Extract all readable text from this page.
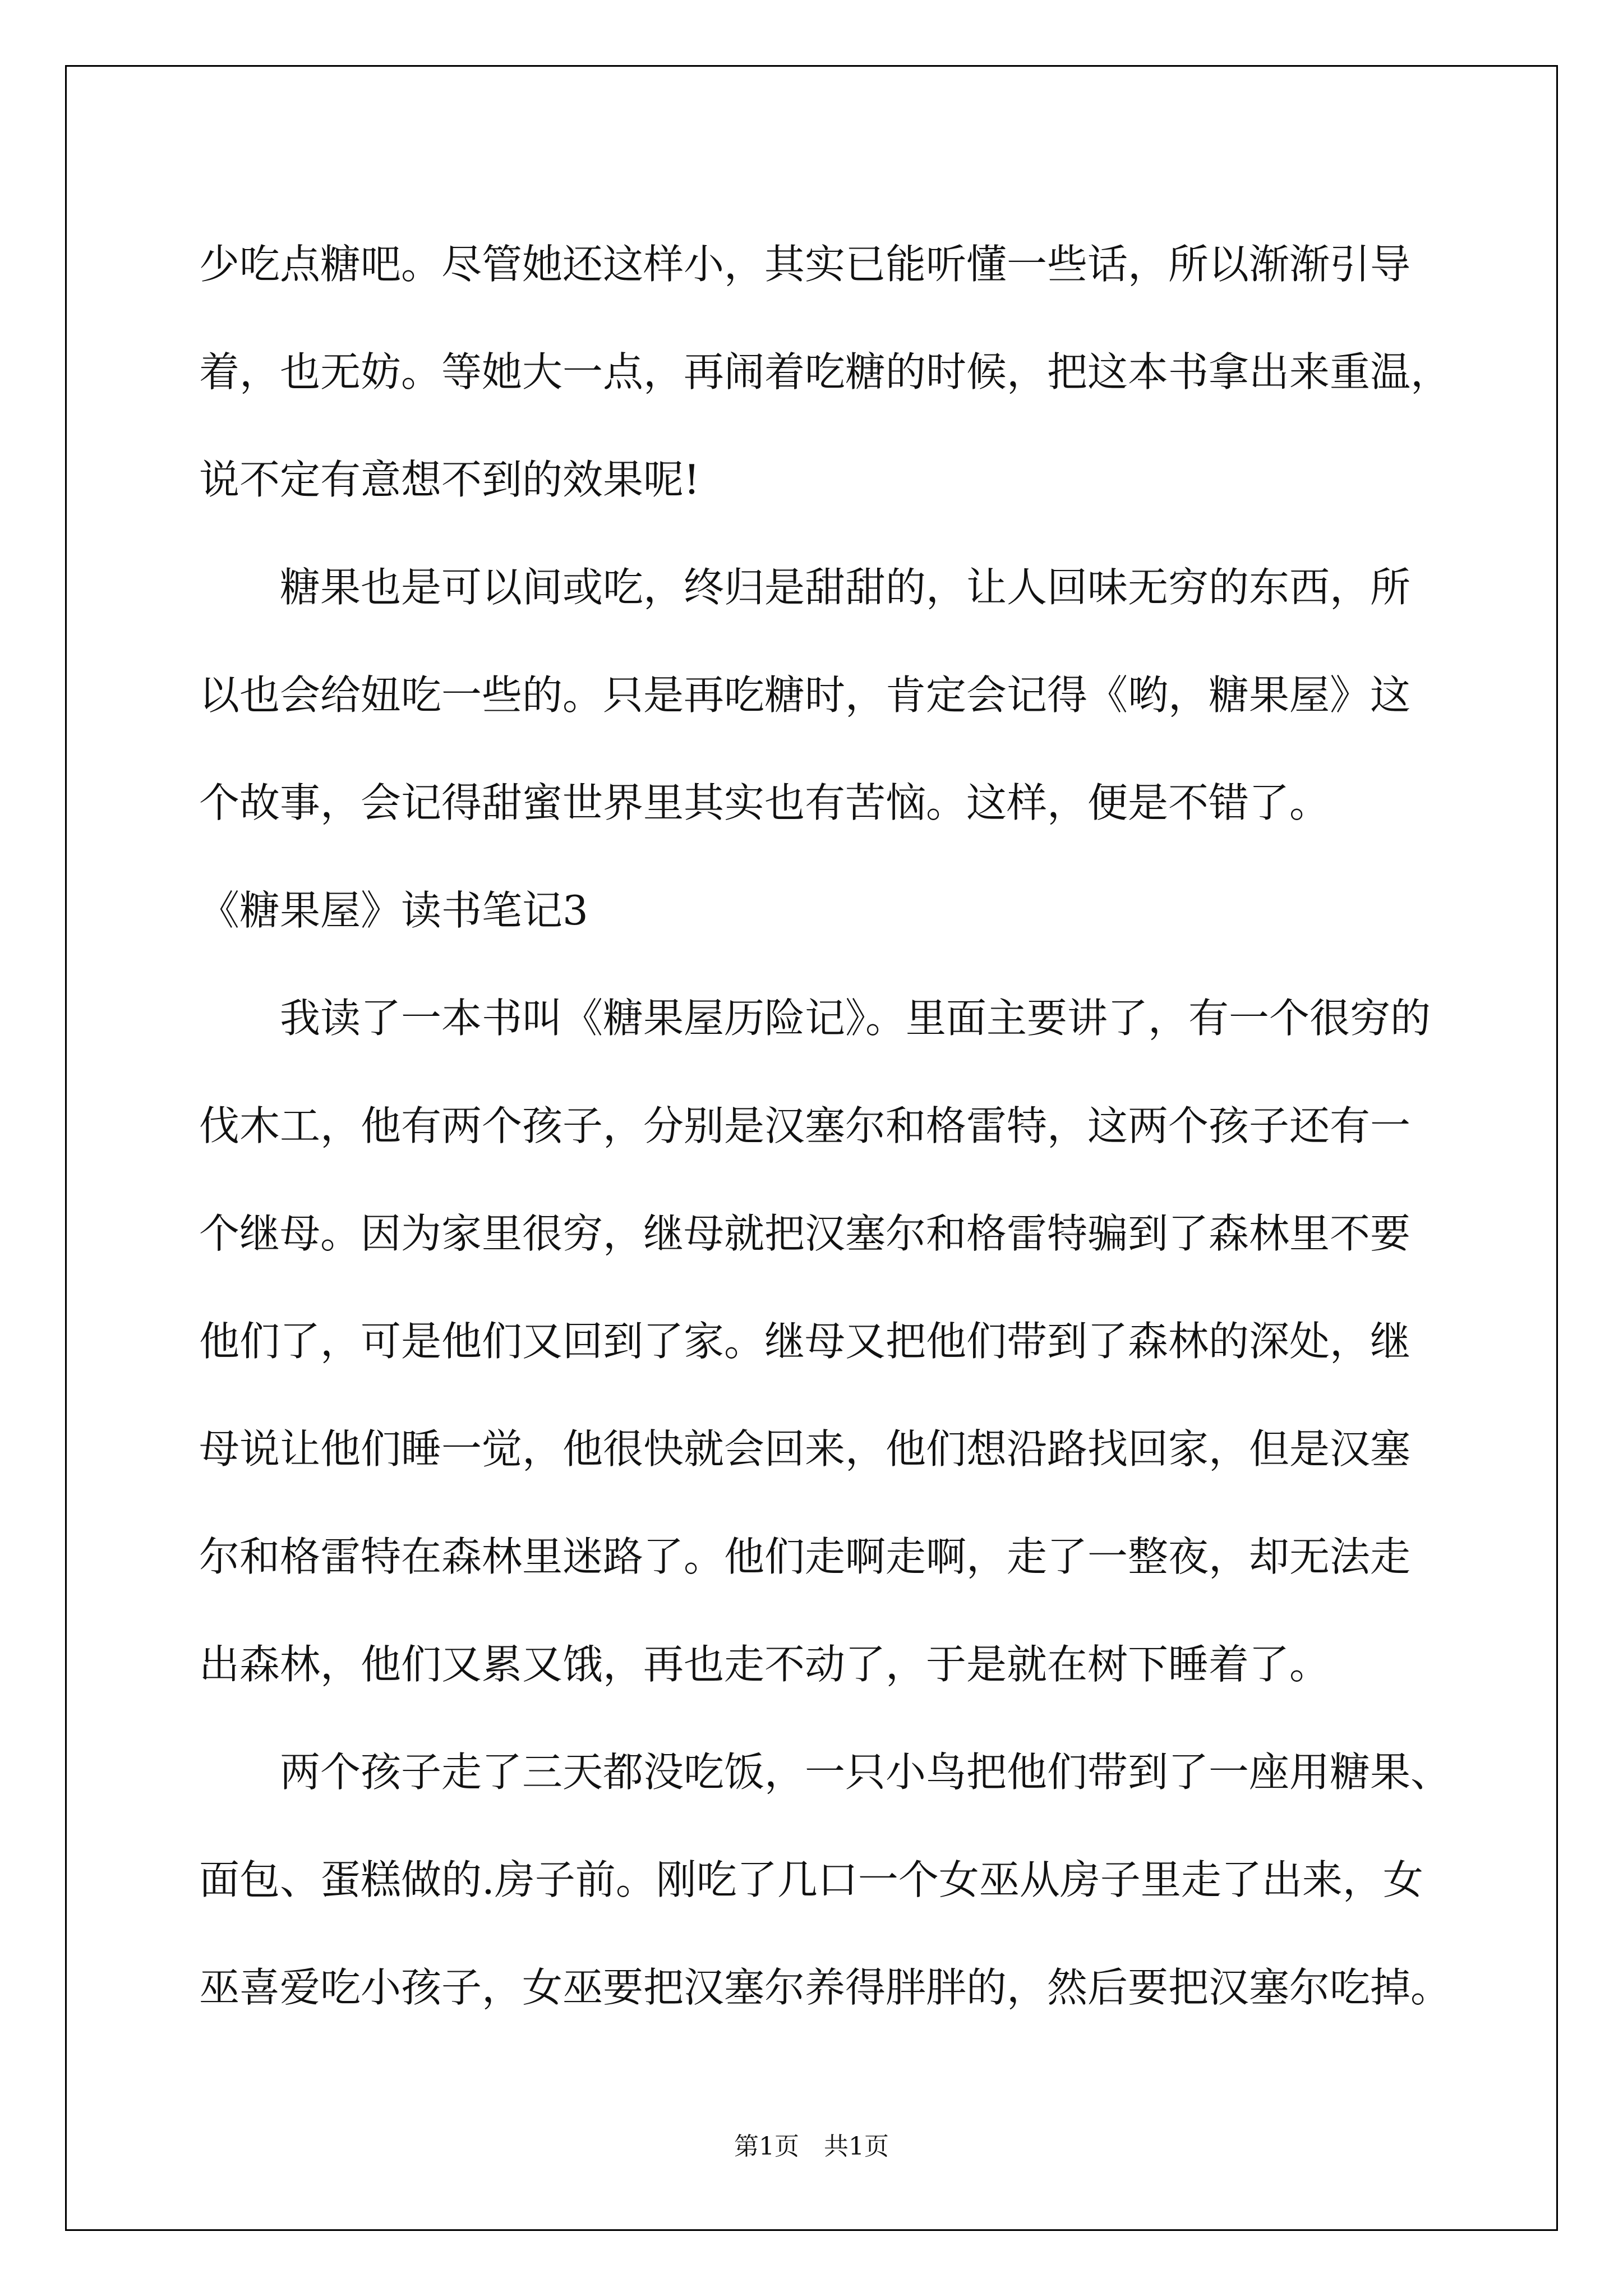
少吃点糖吧。尽管她还这样小，其实已能听懂一些话，所以渐渐引导
着，也无妨。等她大一点，再闹着吃糖的时候，把这本书拿出来重温，
说不定有意想不到的效果呢!
　　糖果也是可以间或吃，终归是甜甜的，让人回味无穷的东西，所
以也会给妞吃一些的。只是再吃糖时，肯定会记得《哟，糖果屋》这
个故事，会记得甜蜜世界里其实也有苦恼。这样，便是不错了。
《糖果屋》读书笔记3
　　我读了一本书叫《糖果屋历险记》。里面主要讲了，有一个很穷的
伐木工，他有两个孩子，分别是汉塞尔和格雷特，这两个孩子还有一
个继母。因为家里很穷，继母就把汉塞尔和格雷特骗到了森林里不要
他们了，可是他们又回到了家。继母又把他们带到了森林的深处，继
母说让他们睡一觉，他很快就会回来，他们想沿路找回家，但是汉塞
尔和格雷特在森林里迷路了。他们走啊走啊，走了一整夜，却无法走
出森林，他们又累又饿，再也走不动了，于是就在树下睡着了。
　　两个孩子走了三天都没吃饭，一只小鸟把他们带到了一座用糖果、
面包、蛋糕做的.房子前。刚吃了几口一个女巫从房子里走了出来，女
巫喜爱吃小孩子，女巫要把汉塞尔养得胖胖的，然后要把汉塞尔吃掉。
第1页　共1页
